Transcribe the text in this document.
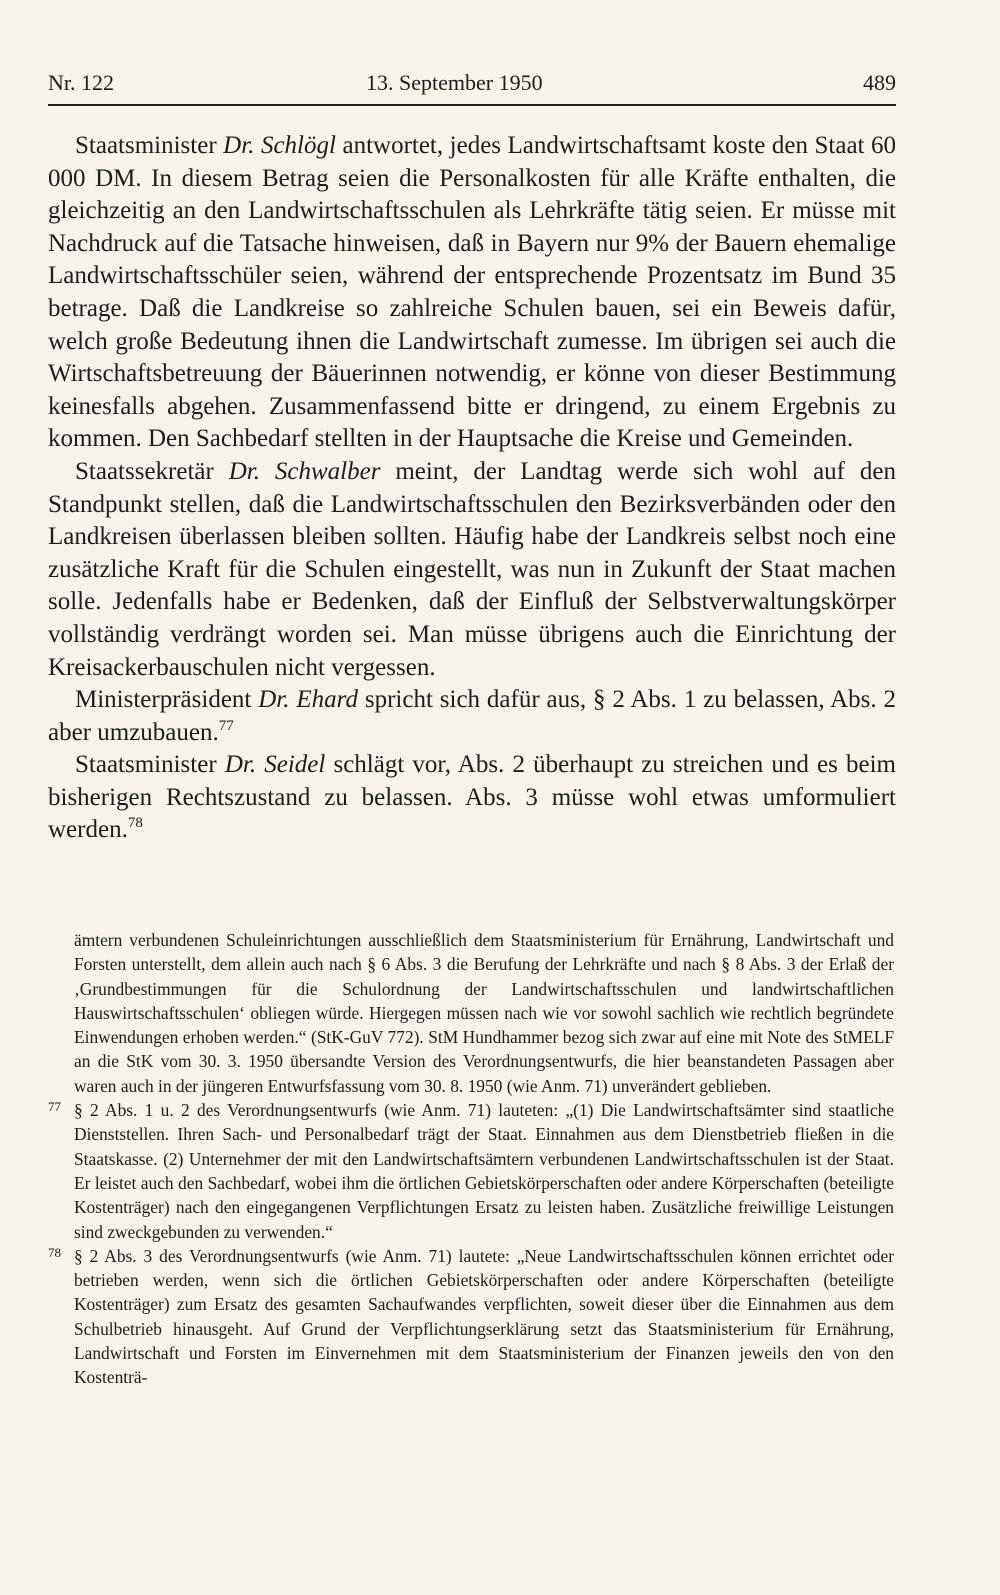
Nr. 122	13. September 1950	489

Staatsminister Dr. Schlögl antwortet, jedes Landwirtschaftsamt koste den Staat 60 000 DM. In diesem Betrag seien die Personalkosten für alle Kräfte enthalten, die gleichzeitig an den Landwirtschaftsschulen als Lehrkräfte tätig seien. Er müsse mit Nachdruck auf die Tatsache hinweisen, daß in Bayern nur 9% der Bauern ehemalige Landwirtschaftsschüler seien, während der entsprechende Prozentsatz im Bund 35 betrage. Daß die Landkreise so zahlreiche Schulen bauen, sei ein Beweis dafür, welch große Bedeutung ihnen die Landwirtschaft zumesse. Im übrigen sei auch die Wirtschaftsbetreuung der Bäuerinnen notwendig, er könne von dieser Bestimmung keinesfalls abgehen. Zusammenfassend bitte er dringend, zu einem Ergebnis zu kommen. Den Sachbedarf stellten in der Hauptsache die Kreise und Gemeinden.

Staatssekretär Dr. Schwalber meint, der Landtag werde sich wohl auf den Standpunkt stellen, daß die Landwirtschaftsschulen den Bezirksverbänden oder den Landkreisen überlassen bleiben sollten. Häufig habe der Landkreis selbst noch eine zusätzliche Kraft für die Schulen eingestellt, was nun in Zukunft der Staat machen solle. Jedenfalls habe er Bedenken, daß der Einfluß der Selbstverwaltungskörper vollständig verdrängt worden sei. Man müsse übrigens auch die Einrichtung der Kreisackerbauschulen nicht vergessen.

Ministerpräsident Dr. Ehard spricht sich dafür aus, § 2 Abs. 1 zu belassen, Abs. 2 aber umzubauen.$^{77}$

Staatsminister Dr. Seidel schlägt vor, Abs. 2 überhaupt zu streichen und es beim bisherigen Rechtszustand zu belassen. Abs. 3 müsse wohl etwas umformuliert werden.$^{78}$

ämtern verbundenen Schuleinrichtungen ausschließlich dem Staatsministerium für Ernährung, Landwirtschaft und Forsten unterstellt, dem allein auch nach § 6 Abs. 3 die Berufung der Lehrkräfte und nach § 8 Abs. 3 der Erlaß der ‚Grundbestimmungen für die Schulordnung der Landwirtschaftsschulen und landwirtschaftlichen Hauswirtschaftsschulen‘ obliegen würde. Hiergegen müssen nach wie vor sowohl sachlich wie rechtlich begründete Einwendungen erhoben werden.“ (StK-GuV 772). StM Hundhammer bezog sich zwar auf eine mit Note des StMELF an die StK vom 30. 3. 1950 übersandte Version des Verordnungsentwurfs, die hier beanstandeten Passagen aber waren auch in der jüngeren Entwurfsfassung vom 30. 8. 1950 (wie Anm. 71) unverändert geblieben.

77 § 2 Abs. 1 u. 2 des Verordnungsentwurfs (wie Anm. 71) lauteten: „(1) Die Landwirtschaftsämter sind staatliche Dienststellen. Ihren Sach- und Personalbedarf trägt der Staat. Einnahmen aus dem Dienstbetrieb fließen in die Staatskasse. (2) Unternehmer der mit den Landwirtschaftsämtern verbundenen Landwirtschaftsschulen ist der Staat. Er leistet auch den Sachbedarf, wobei ihm die örtlichen Gebietskörperschaften oder andere Körperschaften (beteiligte Kostenträger) nach den eingegangenen Verpflichtungen Ersatz zu leisten haben. Zusätzliche freiwillige Leistungen sind zweckgebunden zu verwenden.“

78 § 2 Abs. 3 des Verordnungsentwurfs (wie Anm. 71) lautete: „Neue Landwirtschaftsschulen können errichtet oder betrieben werden, wenn sich die örtlichen Gebietskörperschaften oder andere Körperschaften (beteiligte Kostenträger) zum Ersatz des gesamten Sachaufwandes verpflichten, soweit dieser über die Einnahmen aus dem Schulbetrieb hinausgeht. Auf Grund der Verpflichtungserklärung setzt das Staatsministerium für Ernährung, Landwirtschaft und Forsten im Einvernehmen mit dem Staatsministerium der Finanzen jeweils den von den Kostenträ-
